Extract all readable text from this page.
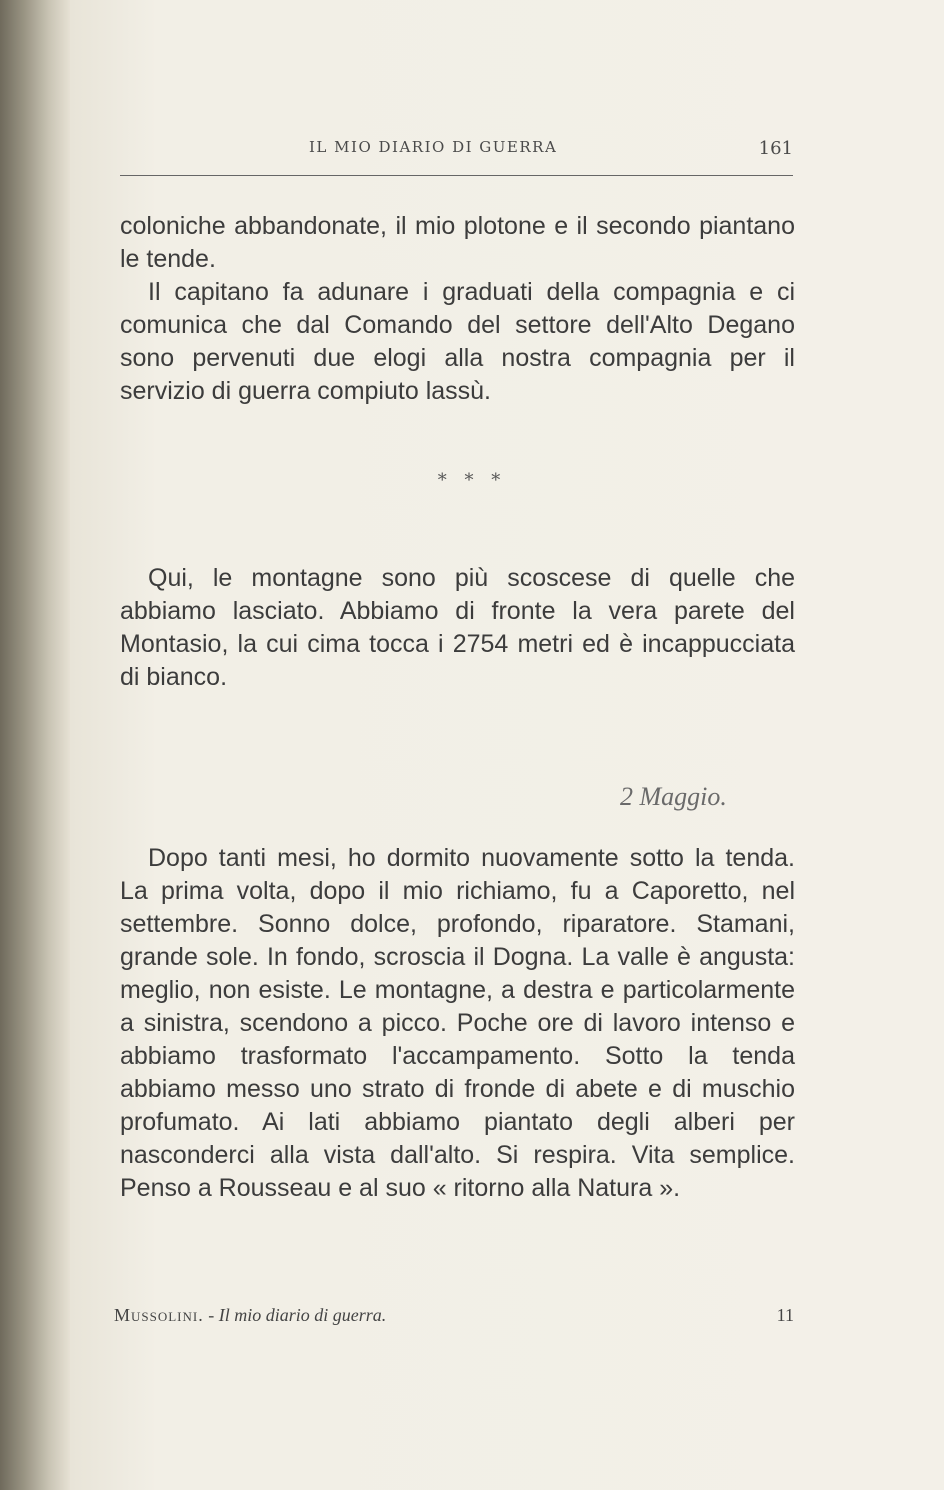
IL MIO DIARIO DI GUERRA	161

coloniche abbandonate, il mio plotone e il secondo piantano le tende.

Il capitano fa adunare i graduati della compagnia e ci comunica che dal Comando del settore dell'Alto Degano sono pervenuti due elogi alla nostra compagnia per il servizio di guerra compiuto lassù.

* * *

Qui, le montagne sono più scoscese di quelle che abbiamo lasciato. Abbiamo di fronte la vera parete del Montasio, la cui cima tocca i 2754 metri ed è incappucciata di bianco.

2 Maggio.

Dopo tanti mesi, ho dormito nuovamente sotto la tenda. La prima volta, dopo il mio richiamo, fu a Caporetto, nel settembre. Sonno dolce, profondo, riparatore. Stamani, grande sole. In fondo, scroscia il Dogna. La valle è angusta: meglio, non esiste. Le montagne, a destra e particolarmente a sinistra, scendono a picco. Poche ore di lavoro intenso e abbiamo trasformato l'accampamento. Sotto la tenda abbiamo messo uno strato di fronde di abete e di muschio profumato. Ai lati abbiamo piantato degli alberi per nasconderci alla vista dall'alto. Si respira. Vita semplice. Penso a Rousseau e al suo « ritorno alla Natura ».

Mussolini. - Il mio diario di guerra.	11
